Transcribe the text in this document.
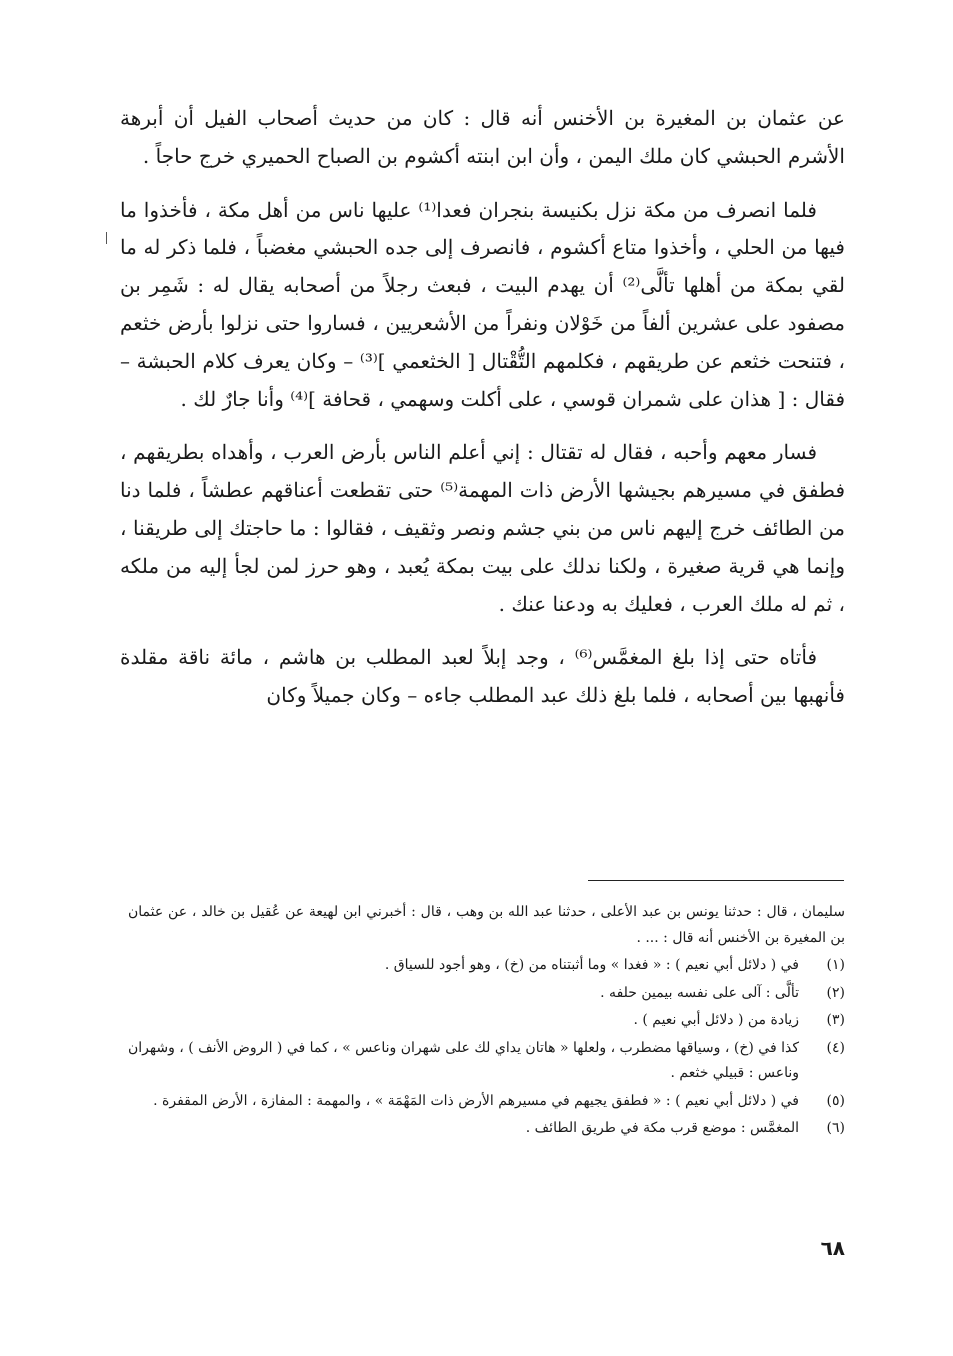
عن عثمان بن المغيرة بن الأخنس أنه قال : كان من حديث أصحاب الفيل أن أبرهة الأشرم الحبشي كان ملك اليمن ، وأن ابن ابنته أكشوم بن الصباح الحميري خرج حاجاً .

فلما انصرف من مكة نزل بكنيسة بنجران فعدا⁽¹⁾ عليها ناس من أهل مكة ، فأخذوا ما فيها من الحلي ، وأخذوا متاع أكشوم ، فانصرف إلى جده الحبشي مغضباً ، فلما ذكر له ما لقي بمكة من أهلها تألَّى⁽²⁾ أن يهدم البيت ، فبعث رجلاً من أصحابه يقال له : شَمِر بن مصفود على عشرين ألفاً من خَوْلان ونفراً من الأشعريين ، فساروا حتى نزلوا بأرض خثعم ، فتنحت خثعم عن طريقهم ، فكلمهم التُّقْتال [ الخثعمي ]⁽³⁾ – وكان يعرف كلام الحبشة – فقال : [ هذان على شمران قوسي ، على أكلت وسهمي ، قحافة ]⁽⁴⁾ وأنا جارٌ لك .

فسار معهم وأحبه ، فقال له تقتال : إني أعلم الناس بأرض العرب ، وأهداه بطريقهم ، فطفق في مسيرهم بجيشها الأرض ذات المهمة⁽⁵⁾ حتى تقطعت أعناقهم عطشاً ، فلما دنا من الطائف خرج إليهم ناس من بني جشم ونصر وثقيف ، فقالوا : ما حاجتك إلى طريقنا ، وإنما هي قرية صغيرة ، ولكنا ندلك على بيت بمكة يُعبد ، وهو حرز لمن لجأ إليه من ملكه ، ثم له ملك العرب ، فعليك به ودعنا عنك .

فأتاه حتى إذا بلغ المغمَّس⁽⁶⁾ ، وجد إبلاً لعبد المطلب بن هاشم ، مائة ناقة مقلدة فأنهبها بين أصحابه ، فلما بلغ ذلك عبد المطلب جاءه – وكان جميلاً وكان

سليمان ، قال : حدثنا يونس بن عبد الأعلى ، حدثنا عبد الله بن وهب ، قال : أخبرني ابن لهيعة عن عُقيل بن خالد ، عن عثمان بن المغيرة بن الأخنس أنه قال : ... .

(١)
في ( دلائل أبي نعيم ) : « فغدا » وما أثبتناه من (خ) ، وهو أجود للسياق .
(٢)
تألَّى : آلى على نفسه بيمين حلفه .
(٣)
زيادة من ( دلائل أبي نعيم ) .
(٤)
كذا في (خ) ، وسياقها مضطرب ، ولعلها « هاتان يداي لك على شهران وناعس » ، كما في ( الروض الأنف ) ، وشهران وناعس : قبيلي خثعم .
(٥)
في ( دلائل أبي نعيم ) : « فطفق يجيهم في مسيرهم الأرض ذات المَهْمَة » ، والمهمة : المفازة ، الأرض المقفرة .
(٦)
المغمَّس : موضع قرب مكة في طريق الطائف .
٦٨
